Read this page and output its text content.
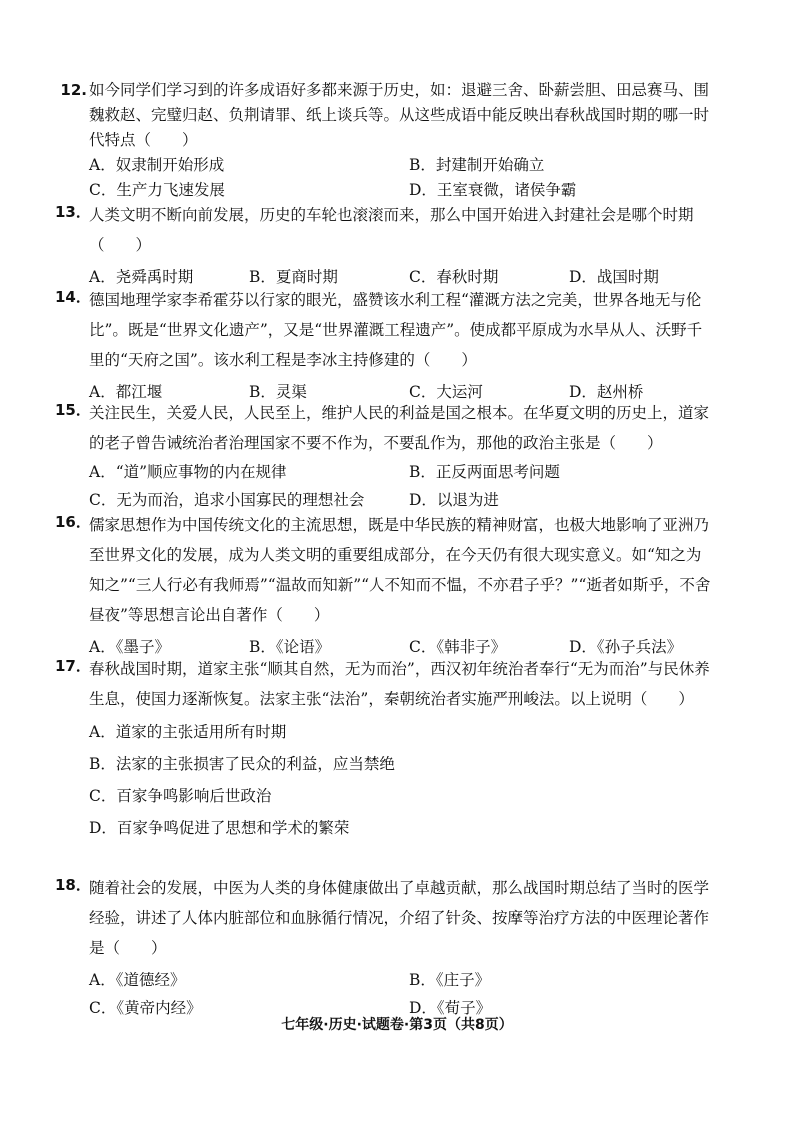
12. 如今同学们学习到的许多成语好多都来源于历史，如：退避三舍、卧薪尝胆、田忌赛马、围魏救赵、完璧归赵、负荆请罪、纸上谈兵等。从这些成语中能反映出春秋战国时期的哪一时代特点（　　）
A．奴隶制开始形成	B．封建制开始确立
C．生产力飞速发展	D．王室衰微，诸侯争霸
13．
人类文明不断向前发展，历史的车轮也滚滚而来，那么中国开始进入封建社会是哪个时期（　　）
A．尧舜禹时期	B．夏商时期	C．春秋时期	D．战国时期
14．
德国地理学家李希霍芬以行家的眼光，盛赞该水利工程“灌溉方法之完美，世界各地无与伦比”。既是“世界文化遗产”，又是“世界灌溉工程遗产”。使成都平原成为水旱从人、沃野千里的“天府之国”。该水利工程是李冰主持修建的（　　）
A．都江堰	B．灵渠	C．大运河	D．赵州桥
15．
关注民生，关爱人民，人民至上，维护人民的利益是国之根本。在华夏文明的历史上，道家的老子曾告诫统治者治理国家不要不作为，不要乱作为，那他的政治主张是（　　）
A．“道”顺应事物的内在规律	B．正反两面思考问题
C．无为而治，追求小国寡民的理想社会	D．以退为进
16．
儒家思想作为中国传统文化的主流思想，既是中华民族的精神财富，也极大地影响了亚洲乃至世界文化的发展，成为人类文明的重要组成部分，在今天仍有很大现实意义。如“知之为知之”“三人行必有我师焉”“温故而知新”“人不知而不愠，不亦君子乎？”“逝者如斯乎，不舍昼夜”等思想言论出自著作（　　）
A．《墨子》	B．《论语》	C．《韩非子》	D．《孙子兵法》
17．
春秋战国时期，道家主张“顺其自然，无为而治”，西汉初年统治者奉行“无为而治”与民休养生息，使国力逐渐恢复。法家主张“法治”，秦朝统治者实施严刑峻法。以上说明（　　）
A．道家的主张适用所有时期
B．法家的主张损害了民众的利益，应当禁绝
C．百家争鸣影响后世政治
D．百家争鸣促进了思想和学术的繁荣
18．
随着社会的发展，中医为人类的身体健康做出了卓越贡献，那么战国时期总结了当时的医学经验，讲述了人体内脏部位和血脉循行情况，介绍了针灸、按摩等治疗方法的中医理论著作是（　　）
A．《道德经》	B．《庄子》
C．《黄帝内经》	D．《荀子》
七年级·历史·试题卷·第3页（共8页）
